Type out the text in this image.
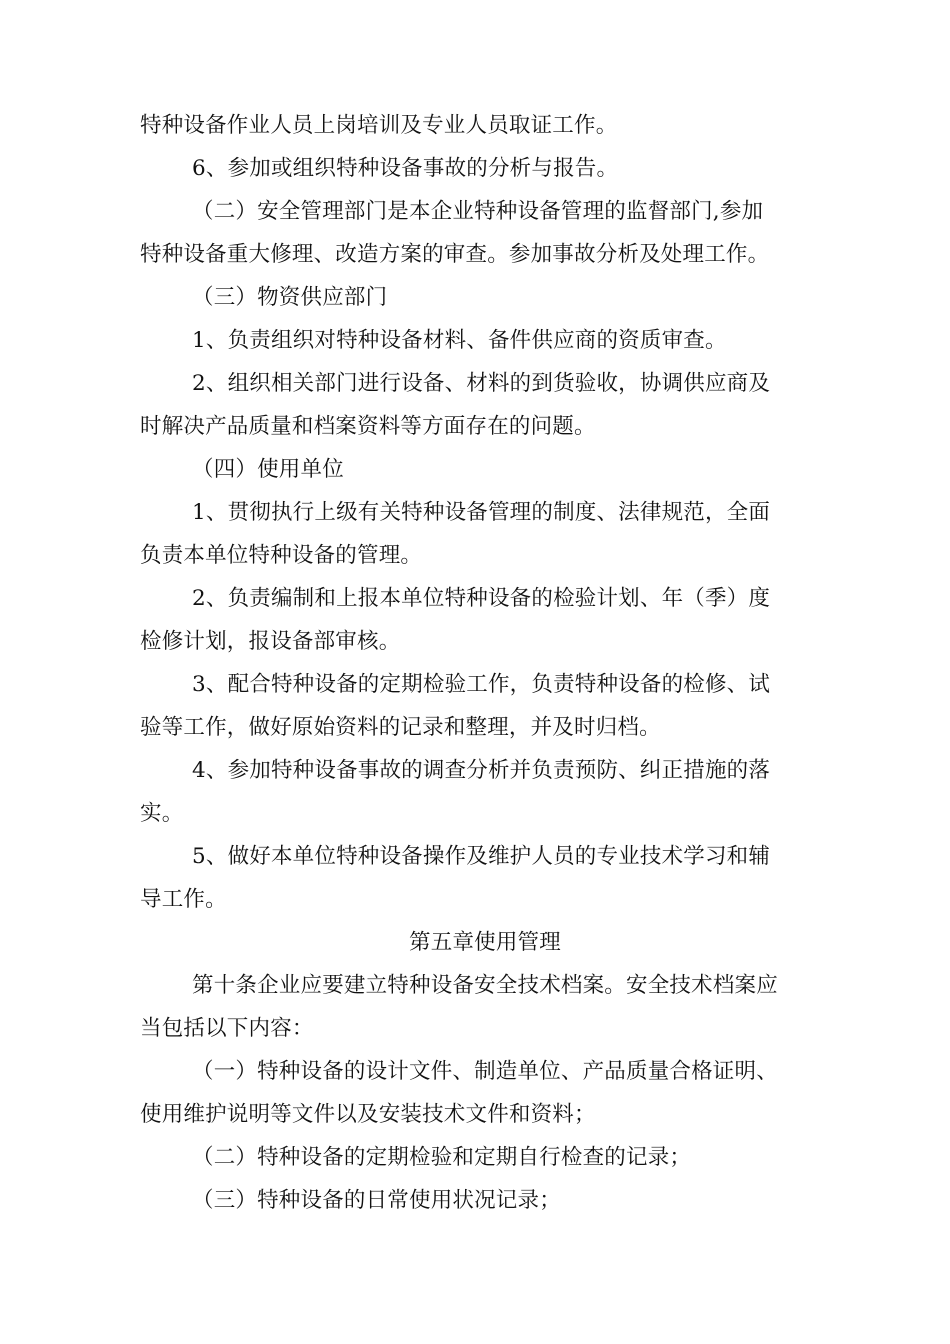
特种设备作业人员上岗培训及专业人员取证工作。
6、参加或组织特种设备事故的分析与报告。
（二）安全管理部门是本企业特种设备管理的监督部门,参加
特种设备重大修理、改造方案的审查。参加事故分析及处理工作。
（三）物资供应部门
1、负责组织对特种设备材料、备件供应商的资质审查。
2、组织相关部门进行设备、材料的到货验收，协调供应商及
时解决产品质量和档案资料等方面存在的问题。
（四）使用单位
1、贯彻执行上级有关特种设备管理的制度、法律规范，全面
负责本单位特种设备的管理。
2、负责编制和上报本单位特种设备的检验计划、年（季）度
检修计划，报设备部审核。
3、配合特种设备的定期检验工作，负责特种设备的检修、试
验等工作，做好原始资料的记录和整理，并及时归档。
4、参加特种设备事故的调查分析并负责预防、纠正措施的落
实。
5、做好本单位特种设备操作及维护人员的专业技术学习和辅
导工作。
第五章使用管理
第十条企业应要建立特种设备安全技术档案。安全技术档案应
当包括以下内容：
（一）特种设备的设计文件、制造单位、产品质量合格证明、
使用维护说明等文件以及安装技术文件和资料；
（二）特种设备的定期检验和定期自行检查的记录；
（三）特种设备的日常使用状况记录；
